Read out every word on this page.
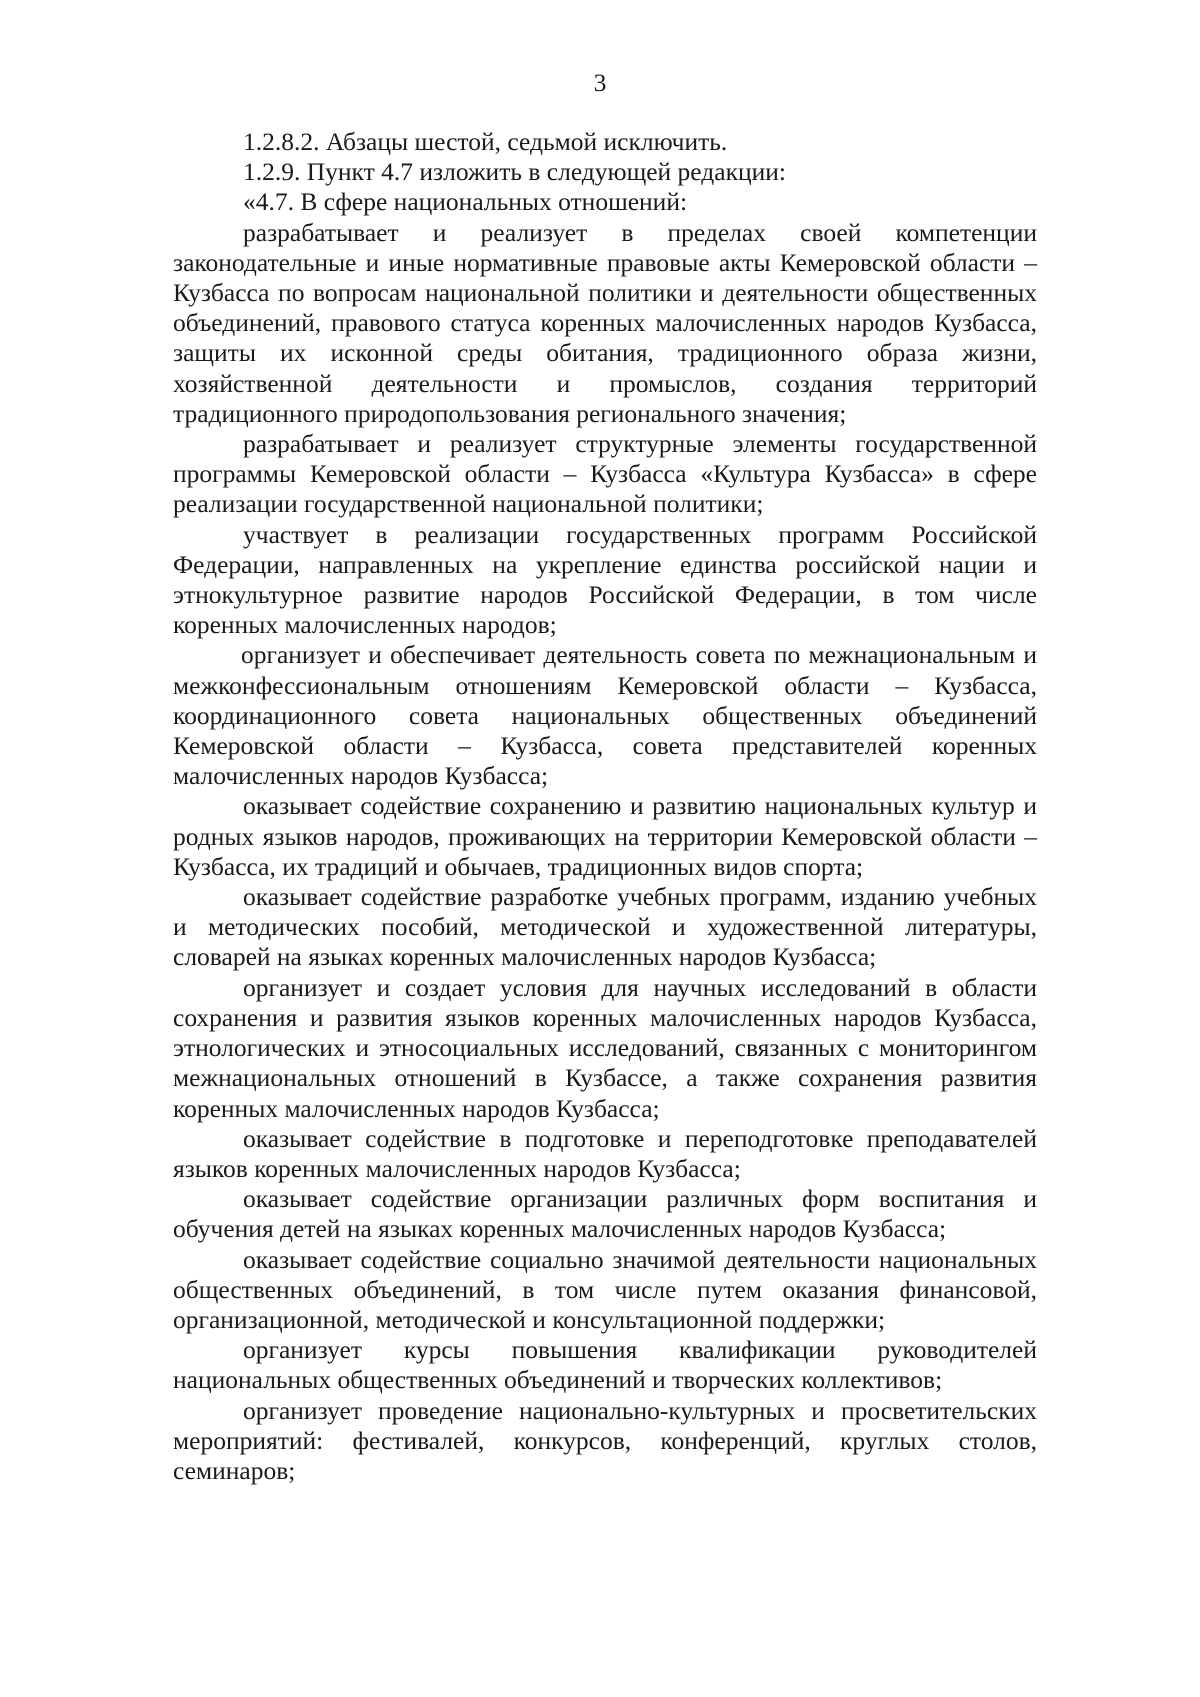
3

1.2.8.2. Абзацы шестой, седьмой исключить.

1.2.9. Пункт 4.7 изложить в следующей редакции:

«4.7. В сфере национальных отношений:

разрабатывает и реализует в пределах своей компетенции законодательные и иные нормативные правовые акты Кемеровской области – Кузбасса по вопросам национальной политики и деятельности общественных объединений, правового статуса коренных малочисленных народов Кузбасса, защиты их исконной среды обитания, традиционного образа жизни, хозяйственной деятельности и промыслов, создания территорий традиционного природопользования регионального значения;

разрабатывает и реализует структурные элементы государственной программы Кемеровской области – Кузбасса «Культура Кузбасса» в сфере реализации государственной национальной политики;

участвует в реализации государственных программ Российской Федерации, направленных на укрепление единства российской нации и этнокультурное развитие народов Российской Федерации, в том числе коренных малочисленных народов;

организует и обеспечивает деятельность совета по межнациональным и межконфессиональным отношениям Кемеровской области – Кузбасса, координационного совета национальных общественных объединений Кемеровской области – Кузбасса, совета представителей коренных малочисленных народов Кузбасса;

оказывает содействие сохранению и развитию национальных культур и родных языков народов, проживающих на территории Кемеровской области – Кузбасса, их традиций и обычаев, традиционных видов спорта;

оказывает содействие разработке учебных программ, изданию учебных и методических пособий, методической и художественной литературы, словарей на языках коренных малочисленных народов Кузбасса;

организует и создает условия для научных исследований в области сохранения и развития языков коренных малочисленных народов Кузбасса, этнологических и этносоциальных исследований, связанных с мониторингом межнациональных отношений в Кузбассе, а также сохранения развития коренных малочисленных народов Кузбасса;

оказывает содействие в подготовке и переподготовке преподавателей языков коренных малочисленных народов Кузбасса;

оказывает содействие организации различных форм воспитания и обучения детей на языках коренных малочисленных народов Кузбасса;

оказывает содействие социально значимой деятельности национальных общественных объединений, в том числе путем оказания финансовой, организационной, методической и консультационной поддержки;

организует курсы повышения квалификации руководителей национальных общественных объединений и творческих коллективов;

организует проведение национально-культурных и просветительских мероприятий: фестивалей, конкурсов, конференций, круглых столов, семинаров;
